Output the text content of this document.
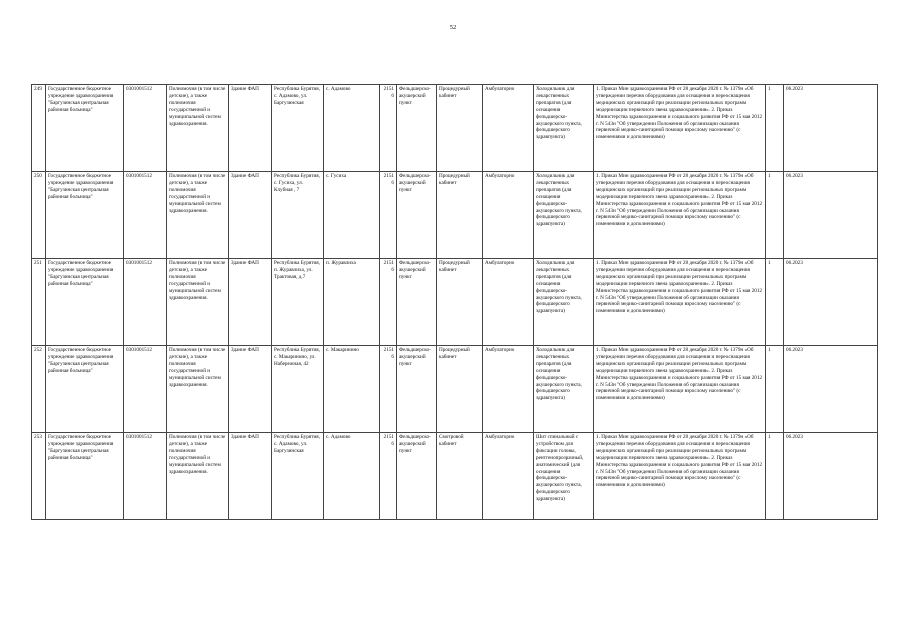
52
249	Государственное бюджетное учреждение здравоохранения "Баргузинская центральная районная больница"	0301001512	Полномочия (в том числе детские), а также полномочия государственной и муниципальной систем здравоохранения.	Здание ФАП	Республика Бурятия, с. Адамово, ул. Баргузинская	с. Адамово	21516	Фельдшерско-акушерский пункт	Процедурный кабинет	Амбулаторно	Холодильник для лекарственных препаратов (для оснащения фельдшерско-акушерского пункта, фельдшерского здравпункта)	1. Приказ Мин здравоохранения РФ от 28 декабря 2020 г. № 1379н «Об утверждении перечня оборудования для оснащения и переоснащения медицинских организаций при реализации региональных программ модернизации первичного звена здравоохранения». 2. Приказ Министерства здравоохранения и социального развития РФ от 15 мая 2012 г. N 543н "Об утверждении Положения об организации оказания первичной медико-санитарной помощи взрослому населению" (с изменениями и дополнениями)	1	06.2023
250	Государственное бюджетное учреждение здравоохранения "Баргузинская центральная районная больница"	0301001512	Полномочия (в том числе детские), а также полномочия государственной и муниципальной систем здравоохранения.	Здание ФАП	Республика Бурятия, с. Гусиха, ул. Клубная , 7	с. Гусиха	21516	Фельдшерско-акушерский пункт	Процедурный кабинет	Амбулаторно	Холодильник для лекарственных препаратов (для оснащения фельдшерско-акушерского пункта, фельдшерского здравпункта)	1. Приказ Мин здравоохранения РФ от 28 декабря 2020 г. № 1379н «Об утверждении перечня оборудования для оснащения и переоснащения медицинских организаций при реализации региональных программ модернизации первичного звена здравоохранения». 2. Приказ Министерства здравоохранения и социального развития РФ от 15 мая 2012 г. N 543н "Об утверждении Положения об организации оказания первичной медико-санитарной помощи взрослому населению" (с изменениями и дополнениями)	1	06.2023
251	Государственное бюджетное учреждение здравоохранения "Баргузинская центральная районная больница"	0301001512	Полномочия (в том числе детские), а также полномочия государственной и муниципальной систем здравоохранения.	Здание ФАП	Республика Бурятия, п. Журавлиха, ул. Трактовая, д.7	п. Журавлиха	21516	Фельдшерско-акушерский пункт	Процедурный кабинет	Амбулаторно	Холодильник для лекарственных препаратов (для оснащения фельдшерско-акушерского пункта, фельдшерского здравпункта)	1. Приказ Мин здравоохранения РФ от 28 декабря 2020 г. № 1379н «Об утверждении перечня оборудования для оснащения и переоснащения медицинских организаций при реализации региональных программ модернизации первичного звена здравоохранения». 2. Приказ Министерства здравоохранения и социального развития РФ от 15 мая 2012 г. N 543н "Об утверждении Положения об организации оказания первичной медико-санитарной помощи взрослому населению" (с изменениями и дополнениями)	1	06.2023
252	Государственное бюджетное учреждение здравоохранения "Баргузинская центральная районная больница"	0301001512	Полномочия (в том числе детские), а также полномочия государственной и муниципальной систем здравоохранения.	Здание ФАП	Республика Бурятия, с. Макаринино, ул. Набережная, 42	с. Макаринино	21516	Фельдшерско-акушерский пункт	Процедурный кабинет	Амбулаторно	Холодильник для лекарственных препаратов (для оснащения фельдшерско-акушерского пункта, фельдшерского здравпункта)	1. Приказ Мин здравоохранения РФ от 28 декабря 2020 г. № 1379н «Об утверждении перечня оборудования для оснащения и переоснащения медицинских организаций при реализации региональных программ модернизации первичного звена здравоохранения». 2. Приказ Министерства здравоохранения и социального развития РФ от 15 мая 2012 г. N 543н "Об утверждении Положения об организации оказания первичной медико-санитарной помощи взрослому населению" (с изменениями и дополнениями)	1	06.2023
253	Государственное бюджетное учреждение здравоохранения "Баргузинская центральная районная больница"	0301001512	Полномочия (в том числе детские), а также полномочия государственной и муниципальной систем здравоохранения.	Здание ФАП	Республика Бурятия, с. Адамово, ул. Баргузинская	с. Адамово	21516	Фельдшерско-акушерский пункт	Смотровой кабинет	Амбулаторно	Шит спинальный с устройством для фиксации головы, рентгенопрозрачный, анатомический (для оснащения фельдшерско-акушерского пункта, фельдшерского здравпункта)	1. Приказ Мин здравоохранения РФ от 28 декабря 2020 г. № 1379н «Об утверждении перечня оборудования для оснащения и переоснащения медицинских организаций при реализации региональных программ модернизации первичного звена здравоохранения». 2. Приказ Министерства здравоохранения и социального развития РФ от 15 мая 2012 г. N 543н "Об утверждении Положения об организации оказания первичной медико-санитарной помощи взрослому населению" (с изменениями и дополнениями)	1	06.2023
